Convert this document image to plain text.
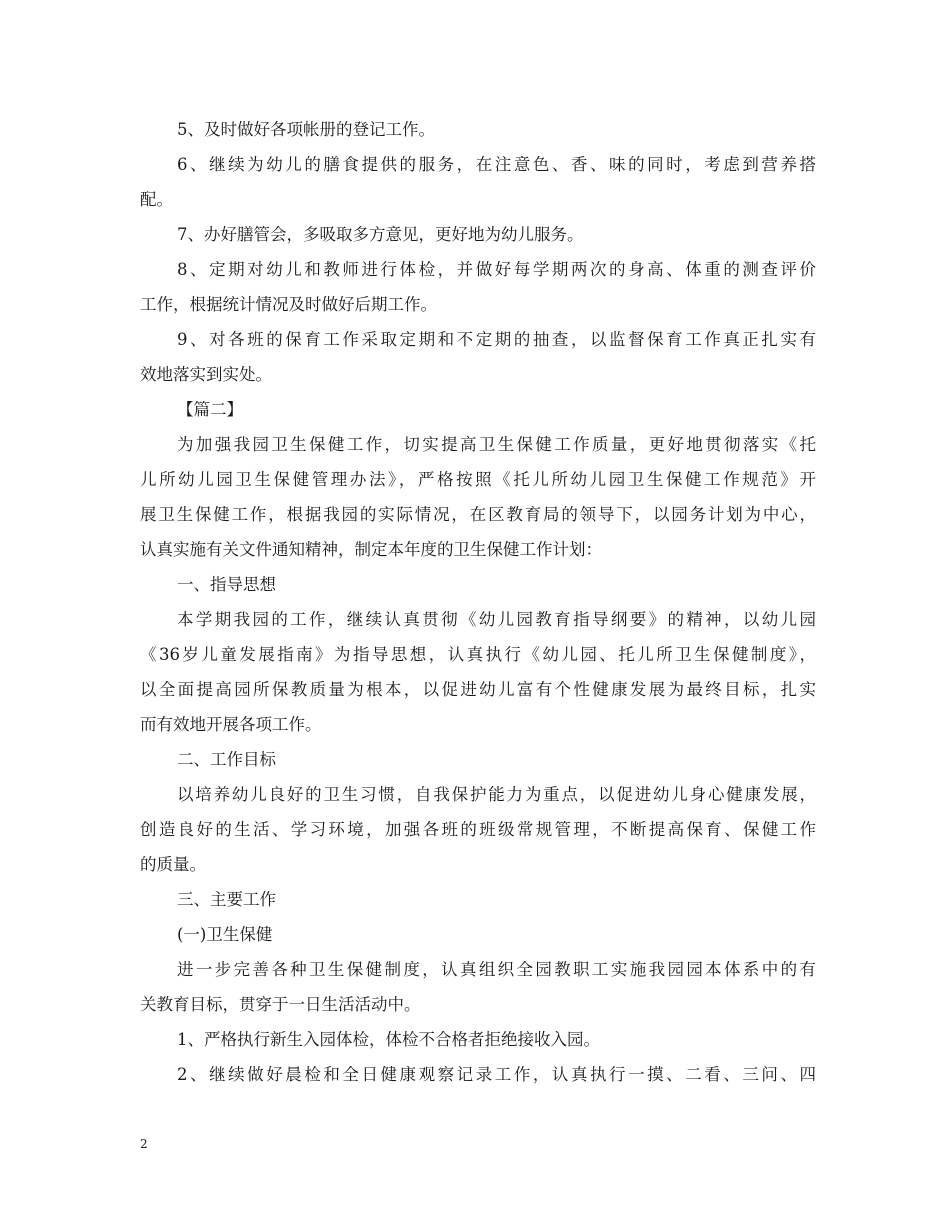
5、及时做好各项帐册的登记工作。
6、继续为幼儿的膳食提供的服务，在注意色、香、味的同时，考虑到营养搭
配。
7、办好膳管会，多吸取多方意见，更好地为幼儿服务。
8、定期对幼儿和教师进行体检，并做好每学期两次的身高、体重的测查评价
工作，根据统计情况及时做好后期工作。
9、对各班的保育工作采取定期和不定期的抽查，以监督保育工作真正扎实有
效地落实到实处。
【篇二】
为加强我园卫生保健工作，切实提高卫生保健工作质量，更好地贯彻落实《托
儿所幼儿园卫生保健管理办法》，严格按照《托儿所幼儿园卫生保健工作规范》开
展卫生保健工作，根据我园的实际情况，在区教育局的领导下，以园务计划为中心，
认真实施有关文件通知精神，制定本年度的卫生保健工作计划：
一、指导思想
本学期我园的工作，继续认真贯彻《幼儿园教育指导纲要》的精神，以幼儿园
《36岁儿童发展指南》为指导思想，认真执行《幼儿园、托儿所卫生保健制度》，
以全面提高园所保教质量为根本，以促进幼儿富有个性健康发展为最终目标，扎实
而有效地开展各项工作。
二、工作目标
以培养幼儿良好的卫生习惯，自我保护能力为重点，以促进幼儿身心健康发展，
创造良好的生活、学习环境，加强各班的班级常规管理，不断提高保育、保健工作
的质量。
三、主要工作
(一)卫生保健
进一步完善各种卫生保健制度，认真组织全园教职工实施我园园本体系中的有
关教育目标，贯穿于一日生活活动中。
1、严格执行新生入园体检，体检不合格者拒绝接收入园。
2、继续做好晨检和全日健康观察记录工作，认真执行一摸、二看、三问、四
2
